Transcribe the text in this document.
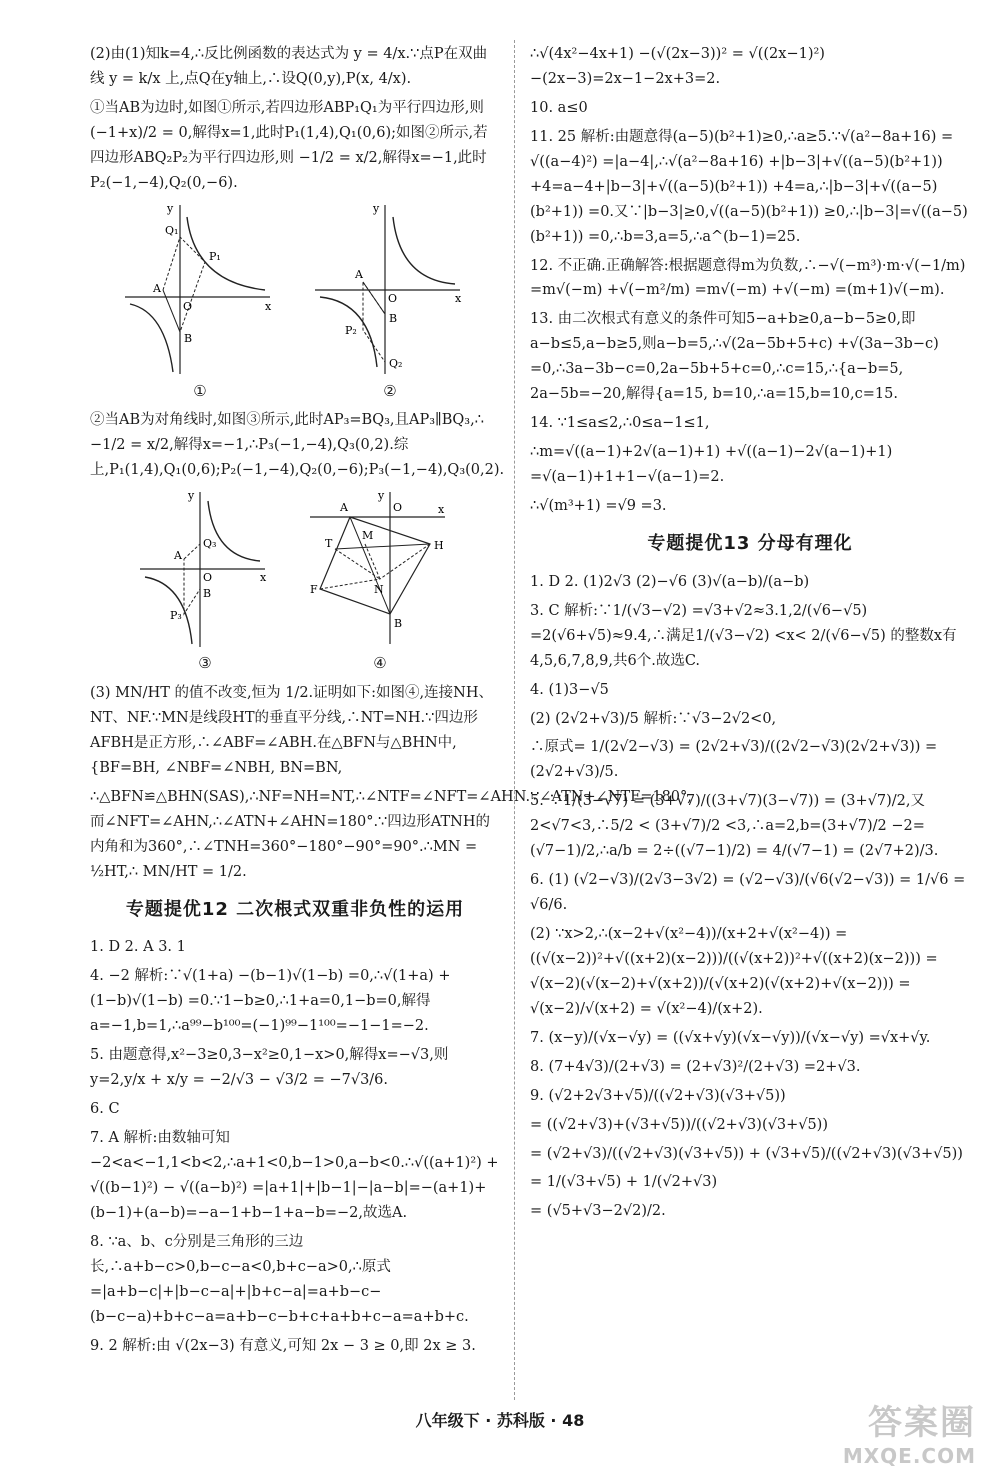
(2)由(1)知k=4,∴反比例函数的表达式为 y = 4/x.∵点P在双曲线 y = k/x 上,点Q在y轴上,∴设Q(0,y),P(x, 4/x).

①当AB为边时,如图①所示,若四边形ABP₁Q₁为平行四边形,则 (−1+x)/2 = 0,解得x=1,此时P₁(1,4),Q₁(0,6);如图②所示,若四边形ABQ₂P₂为平行四边形,则 −1/2 = x/2,解得x=−1,此时P₂(−1,−4),Q₂(0,−6).

y
x
O
A
B
Q₁
P₁
①
y
x
O
A
B
P₂
Q₂
②

②当AB为对角线时,如图③所示,此时AP₃=BQ₃,且AP₃∥BQ₃,∴ −1/2 = x/2,解得x=−1,∴P₃(−1,−4),Q₃(0,2).综上,P₁(1,4),Q₁(0,6);P₂(−1,−4),Q₂(0,−6);P₃(−1,−4),Q₃(0,2).

y
x
O
A
B
Q₃
P₃
③
y
x
O
A
B
T
M
H
F	N
④

(3) MN/HT 的值不改变,恒为 1/2.证明如下:如图④,连接NH、NT、NF.∵MN是线段HT的垂直平分线,∴NT=NH.∵四边形AFBH是正方形,∴∠ABF=∠ABH.在△BFN与△BHN中,{BF=BH, ∠NBF=∠NBH, BN=BN,

∴△BFN≌△BHN(SAS),∴NF=NH=NT,∴∠NTF=∠NFT=∠AHN.∵∠ATN+∠NTF=180°,而∠NFT=∠AHN,∴∠ATN+∠AHN=180°.∵四边形ATNH的内角和为360°,∴∠TNH=360°−180°−90°=90°.∴MN = ½HT,∴ MN/HT = 1/2.

专题提优12 二次根式双重非负性的运用

1. D 2. A 3. 1

4. −2 解析:∵√(1+a) −(b−1)√(1−b) =0,∴√(1+a) +(1−b)√(1−b) =0.∵1−b≥0,∴1+a=0,1−b=0,解得a=−1,b=1,∴a⁹⁹−b¹⁰⁰=(−1)⁹⁹−1¹⁰⁰=−1−1=−2.

5. 由题意得,x²−3≥0,3−x²≥0,1−x>0,解得x=−√3,则y=2,y/x + x/y = −2/√3 − √3/2 = −7√3/6.

6. C

7. A 解析:由数轴可知−2<a<−1,1<b<2,∴a+1<0,b−1>0,a−b<0.∴√((a+1)²) + √((b−1)²) − √((a−b)²) =|a+1|+|b−1|−|a−b|=−(a+1)+(b−1)+(a−b)=−a−1+b−1+a−b=−2,故选A.

8. ∵a、b、c分别是三角形的三边长,∴a+b−c>0,b−c−a<0,b+c−a>0,∴原式=|a+b−c|+|b−c−a|+|b+c−a|=a+b−c−(b−c−a)+b+c−a=a+b−c−b+c+a+b+c−a=a+b+c.

9. 2 解析:由 √(2x−3) 有意义,可知 2x − 3 ≥ 0,即 2x ≥ 3.

∴√(4x²−4x+1) −(√(2x−3))² = √((2x−1)²) −(2x−3)=2x−1−2x+3=2.

10. a≤0

11. 25 解析:由题意得(a−5)(b²+1)≥0,∴a≥5.∵√(a²−8a+16) = √((a−4)²) =|a−4|,∴√(a²−8a+16) +|b−3|+√((a−5)(b²+1)) +4=a−4+|b−3|+√((a−5)(b²+1)) +4=a,∴|b−3|+√((a−5)(b²+1)) =0.又∵|b−3|≥0,√((a−5)(b²+1)) ≥0,∴|b−3|=√((a−5)(b²+1)) =0,∴b=3,a=5,∴a^(b−1)=25.

12. 不正确.正确解答:根据题意得m为负数,∴−√(−m³)·m·√(−1/m) =m√(−m) +√(−m²/m) =m√(−m) +√(−m) =(m+1)√(−m).

13. 由二次根式有意义的条件可知5−a+b≥0,a−b−5≥0,即a−b≤5,a−b≥5,则a−b=5,∴√(2a−5b+5+c) +√(3a−3b−c) =0,∴3a−3b−c=0,2a−5b+5+c=0,∴c=15,∴{a−b=5, 2a−5b=−20,解得{a=15, b=10,∴a=15,b=10,c=15.

14. ∵1≤a≤2,∴0≤a−1≤1,

∴m=√((a−1)+2√(a−1)+1) +√((a−1)−2√(a−1)+1) =√(a−1)+1+1−√(a−1)=2.

∴√(m³+1) =√9 =3.

专题提优13 分母有理化

1. D 2. (1)2√3 (2)−√6 (3)√(a−b)/(a−b)

3. C 解析:∵1/(√3−√2) =√3+√2≈3.1,2/(√6−√5) =2(√6+√5)≈9.4,∴满足1/(√3−√2) <x< 2/(√6−√5) 的整数x有4,5,6,7,8,9,共6个.故选C.

4. (1)3−√5

(2) (2√2+√3)/5 解析:∵√3−2√2<0,

∴原式= 1/(2√2−√3) = (2√2+√3)/((2√2−√3)(2√2+√3)) = (2√2+√3)/5.

5. ∵1/(3−√7) = (3+√7)/((3+√7)(3−√7)) = (3+√7)/2,又2<√7<3,∴5/2 < (3+√7)/2 <3,∴a=2,b=(3+√7)/2 −2=(√7−1)/2,∴a/b = 2÷((√7−1)/2) = 4/(√7−1) = (2√7+2)/3.

6. (1) (√2−√3)/(2√3−3√2) = (√2−√3)/(√6(√2−√3)) = 1/√6 = √6/6.

(2) ∵x>2,∴(x−2+√(x²−4))/(x+2+√(x²−4)) = ((√(x−2))²+√((x+2)(x−2)))/((√(x+2))²+√((x+2)(x−2))) = √(x−2)(√(x−2)+√(x+2))/(√(x+2)(√(x+2)+√(x−2))) = √(x−2)/√(x+2) = √(x²−4)/(x+2).

7. (x−y)/(√x−√y) = ((√x+√y)(√x−√y))/(√x−√y) =√x+√y.

8. (7+4√3)/(2+√3) = (2+√3)²/(2+√3) =2+√3.

9. (√2+2√3+√5)/((√2+√3)(√3+√5))

= ((√2+√3)+(√3+√5))/((√2+√3)(√3+√5))

= (√2+√3)/((√2+√3)(√3+√5)) + (√3+√5)/((√2+√3)(√3+√5))

= 1/(√3+√5) + 1/(√2+√3)

= (√5+√3−2√2)/2.

八年级下 · 苏科版 · 48	答案圈
MXQE.COM
